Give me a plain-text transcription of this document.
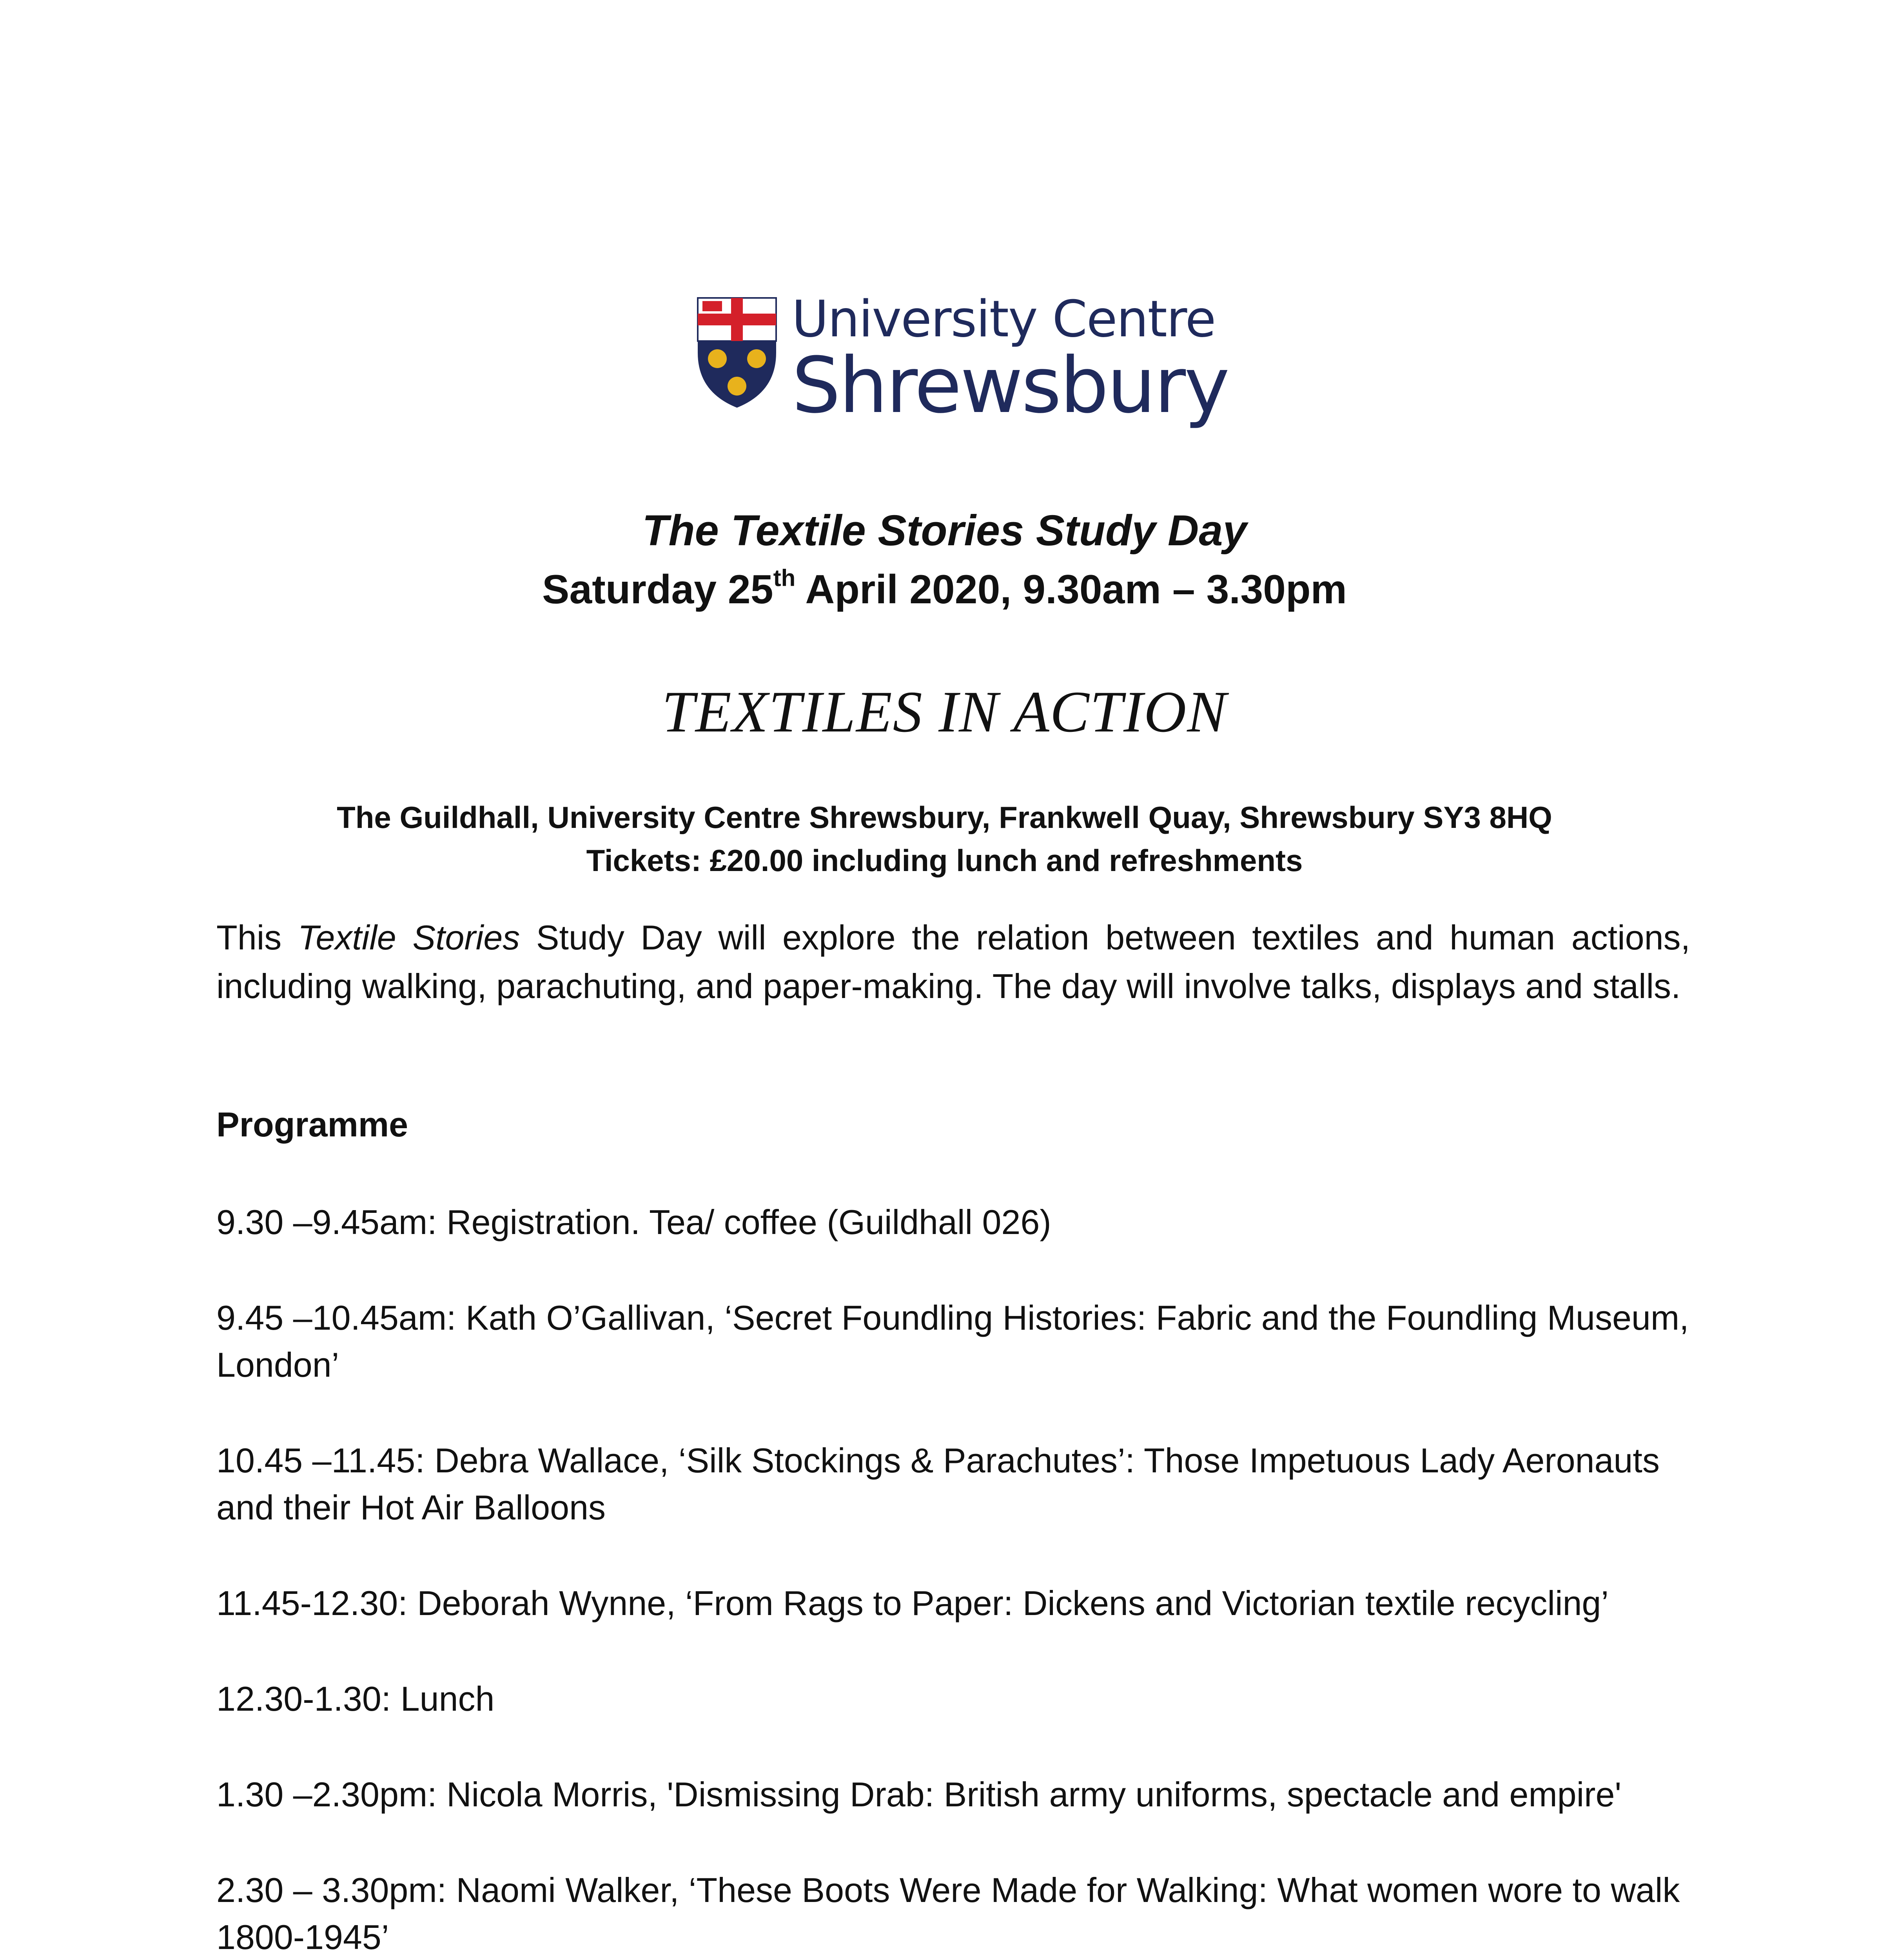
University Centre
Shrewsbury
The Textile Stories Study Day
Saturday 25th April 2020, 9.30am – 3.30pm
TEXTILES IN ACTION
The Guildhall, University Centre Shrewsbury, Frankwell Quay, Shrewsbury SY3 8HQ
Tickets: £20.00 including lunch and refreshments
This Textile Stories Study Day will explore the relation between textiles and human actions, including walking, parachuting, and paper-making. The day will involve talks, displays and stalls.
Programme
9.30 –9.45am: Registration. Tea/ coffee (Guildhall 026)
9.45 –10.45am: Kath O’Gallivan, ‘Secret Foundling Histories: Fabric and the Foundling Museum, London’
10.45 –11.45: Debra Wallace, ‘Silk Stockings & Parachutes’: Those Impetuous Lady Aeronauts and their Hot Air Balloons
11.45-12.30: Deborah Wynne, ‘From Rags to Paper: Dickens and Victorian textile recycling’
12.30-1.30: Lunch
1.30 –2.30pm: Nicola Morris, 'Dismissing Drab: British army uniforms, spectacle and empire'
2.30 – 3.30pm: Naomi Walker, ‘These Boots Were Made for Walking: What women wore to walk 1800-1945’
